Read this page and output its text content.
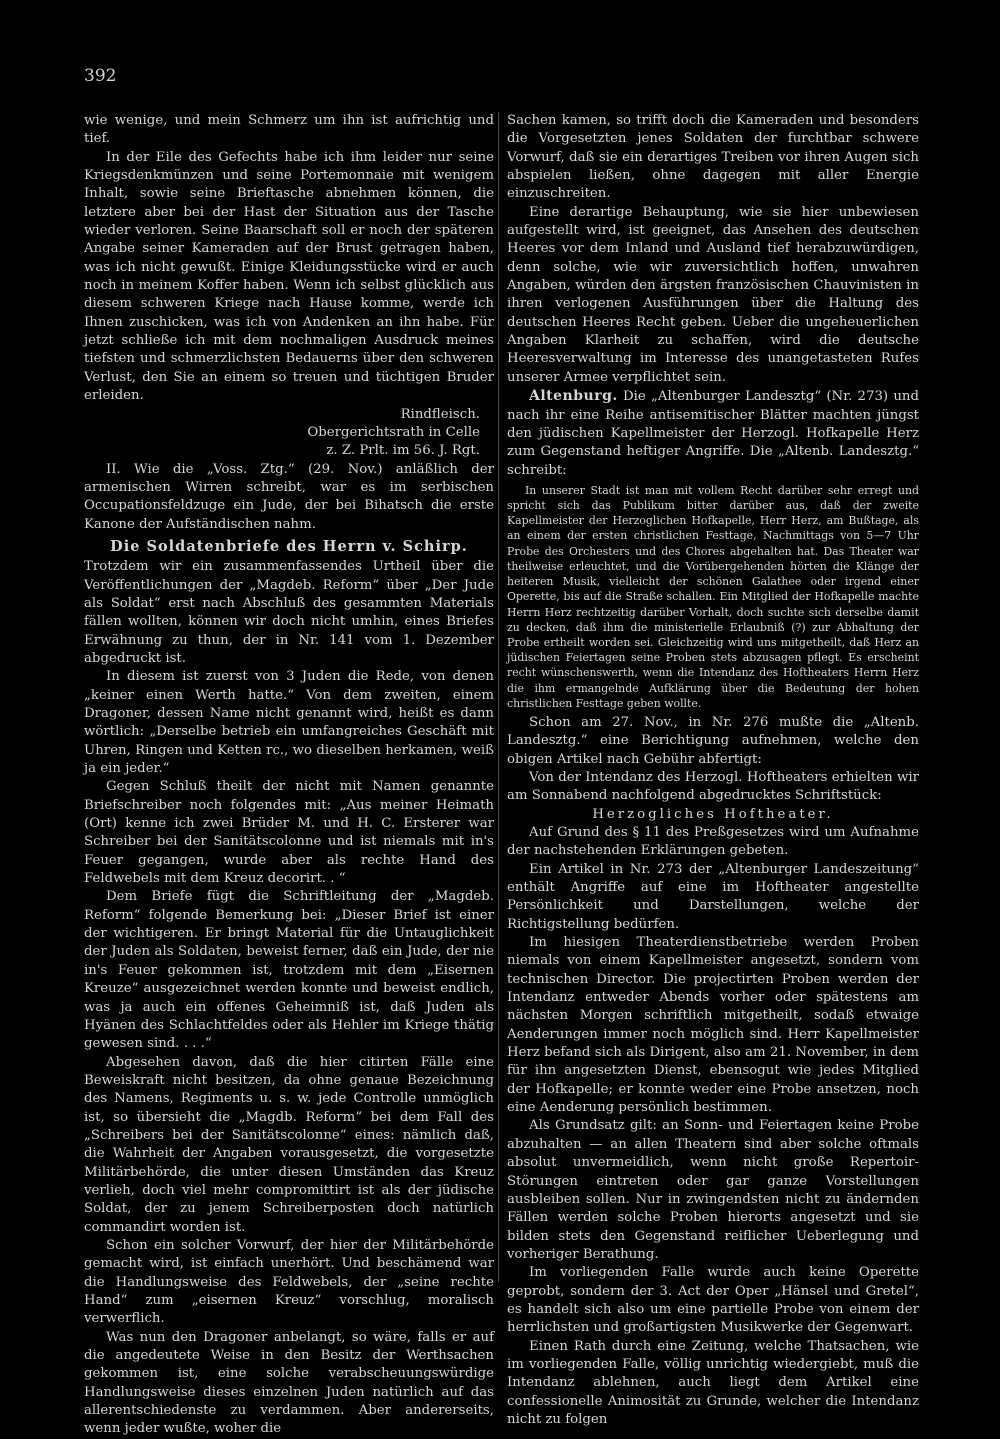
392

wie wenige, und mein Schmerz um ihn ist aufrichtig und tief.

In der Eile des Gefechts habe ich ihm leider nur seine Kriegsdenkmünzen und seine Portemonnaie mit wenigem Inhalt, sowie seine Brieftasche abnehmen können, die letztere aber bei der Hast der Situation aus der Tasche wieder verloren. Seine Baarschaft soll er noch der späteren Angabe seiner Kameraden auf der Brust getragen haben, was ich nicht gewußt. Einige Kleidungsstücke wird er auch noch in meinem Koffer haben. Wenn ich selbst glücklich aus diesem schweren Kriege nach Hause komme, werde ich Ihnen zuschicken, was ich von Andenken an ihn habe. Für jetzt schließe ich mit dem nochmaligen Ausdruck meines tiefsten und schmerzlichsten Bedauerns über den schweren Verlust, den Sie an einem so treuen und tüchtigen Bruder erleiden.

Rindfleisch.
Obergerichtsrath in Celle
z. Z. Prlt. im 56. J. Rgt.

II. Wie die „Voss. Ztg.“ (29. Nov.) anläßlich der armenischen Wirren schreibt, war es im serbischen Occupationsfeldzuge ein Jude, der bei Bihatsch die erste Kanone der Aufständischen nahm.

Die Soldatenbriefe des Herrn v. Schirp.

Trotzdem wir ein zusammenfassendes Urtheil über die Veröffentlichungen der „Magdeb. Reform“ über „Der Jude als Soldat“ erst nach Abschluß des gesammten Materials fällen wollten, können wir doch nicht umhin, eines Briefes Erwähnung zu thun, der in Nr. 141 vom 1. Dezember abgedruckt ist.

In diesem ist zuerst von 3 Juden die Rede, von denen „keiner einen Werth hatte.“ Von dem zweiten, einem Dragoner, dessen Name nicht genannt wird, heißt es dann wörtlich: „Derselbe betrieb ein umfangreiches Geschäft mit Uhren, Ringen und Ketten rc., wo dieselben herkamen, weiß ja ein jeder.“

Gegen Schluß theilt der nicht mit Namen genannte Briefschreiber noch folgendes mit: „Aus meiner Heimath (Ort) kenne ich zwei Brüder M. und H. C. Ersterer war Schreiber bei der Sanitätscolonne und ist niemals mit in's Feuer gegangen, wurde aber als rechte Hand des Feldwebels mit dem Kreuz decorirt. . “

Dem Briefe fügt die Schriftleitung der „Magdeb. Reform“ folgende Bemerkung bei: „Dieser Brief ist einer der wichtigeren. Er bringt Material für die Untauglichkeit der Juden als Soldaten, beweist ferner, daß ein Jude, der nie in's Feuer gekommen ist, trotzdem mit dem „Eisernen Kreuze“ ausgezeichnet werden konnte und beweist endlich, was ja auch ein offenes Geheimniß ist, daß Juden als Hyänen des Schlachtfeldes oder als Hehler im Kriege thätig gewesen sind. . . .“

Abgesehen davon, daß die hier citirten Fälle eine Beweiskraft nicht besitzen, da ohne genaue Bezeichnung des Namens, Regiments u. s. w. jede Controlle unmöglich ist, so übersieht die „Magdb. Reform“ bei dem Fall des „Schreibers bei der Sanitätscolonne“ eines: nämlich daß, die Wahrheit der Angaben vorausgesetzt, die vorgesetzte Militärbehörde, die unter diesen Umständen das Kreuz verlieh, doch viel mehr compromittirt ist als der jüdische Soldat, der zu jenem Schreiberposten doch natürlich commandirt worden ist.

Schon ein solcher Vorwurf, der hier der Militärbehörde gemacht wird, ist einfach unerhört. Und beschämend war die Handlungsweise des Feldwebels, der „seine rechte Hand“ zum „eisernen Kreuz“ vorschlug, moralisch verwerflich.

Was nun den Dragoner anbelangt, so wäre, falls er auf die angedeutete Weise in den Besitz der Werthsachen gekommen ist, eine solche verabscheuungswürdige Handlungsweise dieses einzelnen Juden natürlich auf das allerentschiedenste zu verdammen. Aber andererseits, wenn jeder wußte, woher die

Sachen kamen, so trifft doch die Kameraden und besonders die Vorgesetzten jenes Soldaten der furchtbar schwere Vorwurf, daß sie ein derartiges Treiben vor ihren Augen sich abspielen ließen, ohne dagegen mit aller Energie einzuschreiten.

Eine derartige Behauptung, wie sie hier unbewiesen aufgestellt wird, ist geeignet, das Ansehen des deutschen Heeres vor dem Inland und Ausland tief herabzuwürdigen, denn solche, wie wir zuversichtlich hoffen, unwahren Angaben, würden den ärgsten französischen Chauvinisten in ihren verlogenen Ausführungen über die Haltung des deutschen Heeres Recht geben. Ueber die ungeheuerlichen Angaben Klarheit zu schaffen, wird die deutsche Heeresverwaltung im Interesse des unangetasteten Rufes unserer Armee verpflichtet sein.

Altenburg. Die „Altenburger Landesztg“ (Nr. 273) und nach ihr eine Reihe antisemitischer Blätter machten jüngst den jüdischen Kapellmeister der Herzogl. Hofkapelle Herz zum Gegenstand heftiger Angriffe. Die „Altenb. Landesztg.“ schreibt:

In unserer Stadt ist man mit vollem Recht darüber sehr erregt und spricht sich das Publikum bitter darüber aus, daß der zweite Kapellmeister der Herzoglichen Hofkapelle, Herr Herz, am Bußtage, als an einem der ersten christlichen Festtage, Nachmittags von 5—7 Uhr Probe des Orchesters und des Chores abgehalten hat. Das Theater war theilweise erleuchtet, und die Vorübergehenden hörten die Klänge der heiteren Musik, vielleicht der schönen Galathee oder irgend einer Operette, bis auf die Straße schallen. Ein Mitglied der Hofkapelle machte Herrn Herz rechtzeitig darüber Vorhalt, doch suchte sich derselbe damit zu decken, daß ihm die ministerielle Erlaubniß (?) zur Abhaltung der Probe ertheilt worden sei. Gleichzeitig wird uns mitgetheilt, daß Herz an jüdischen Feiertagen seine Proben stets abzusagen pflegt. Es erscheint recht wünschenswerth, wenn die Intendanz des Hoftheaters Herrn Herz die ihm ermangelnde Aufklärung über die Bedeutung der hohen christlichen Festtage geben wollte.

Schon am 27. Nov., in Nr. 276 mußte die „Altenb. Landesztg.“ eine Berichtigung aufnehmen, welche den obigen Artikel nach Gebühr abfertigt:

Von der Intendanz des Herzogl. Hoftheaters erhielten wir am Sonnabend nachfolgend abgedrucktes Schriftstück:

Herzogliches Hoftheater.

Auf Grund des § 11 des Preßgesetzes wird um Aufnahme der nachstehenden Erklärungen gebeten.

Ein Artikel in Nr. 273 der „Altenburger Landeszeitung“ enthält Angriffe auf eine im Hoftheater angestellte Persönlichkeit und Darstellungen, welche der Richtigstellung bedürfen.

Im hiesigen Theaterdienstbetriebe werden Proben niemals von einem Kapellmeister angesetzt, sondern vom technischen Director. Die projectirten Proben werden der Intendanz entweder Abends vorher oder spätestens am nächsten Morgen schriftlich mitgetheilt, sodaß etwaige Aenderungen immer noch möglich sind. Herr Kapellmeister Herz befand sich als Dirigent, also am 21. November, in dem für ihn angesetzten Dienst, ebensogut wie jedes Mitglied der Hofkapelle; er konnte weder eine Probe ansetzen, noch eine Aenderung persönlich bestimmen.

Als Grundsatz gilt: an Sonn- und Feiertagen keine Probe abzuhalten — an allen Theatern sind aber solche oftmals absolut unvermeidlich, wenn nicht große Repertoir-Störungen eintreten oder gar ganze Vorstellungen ausbleiben sollen. Nur in zwingendsten nicht zu ändernden Fällen werden solche Proben hierorts angesetzt und sie bilden stets den Gegenstand reiflicher Ueberlegung und vorheriger Berathung.

Im vorliegenden Falle wurde auch keine Operette geprobt, sondern der 3. Act der Oper „Hänsel und Gretel“, es handelt sich also um eine partielle Probe von einem der herrlichsten und großartigsten Musikwerke der Gegenwart.

Einen Rath durch eine Zeitung, welche Thatsachen, wie im vorliegenden Falle, völlig unrichtig wiedergiebt, muß die Intendanz ablehnen, auch liegt dem Artikel eine confessionelle Animosität zu Grunde, welcher die Intendanz nicht zu folgen
